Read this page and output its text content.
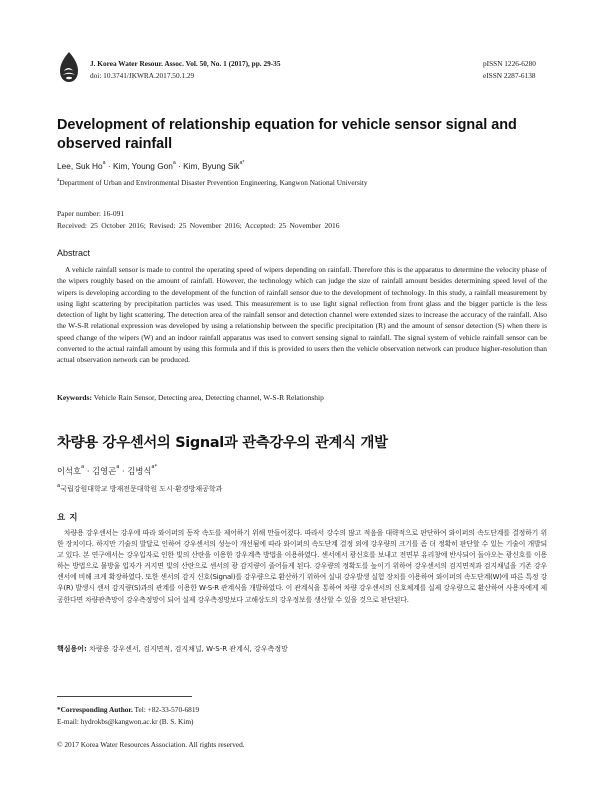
J. Korea Water Resour. Assoc. Vol. 50, No. 1 (2017), pp. 29-35
doi: 10.3741/JKWRA.2017.50.1.29
pISSN 1226-6280
eISSN 2287-6138
Development of relationship equation for vehicle sensor signal and observed rainfall
Lee, Suk $Ho^a$ · Kim, Young Gon$^a$ · Kim, Byung Sik$^{a*}$
$^a$Department of Urban and Environmental Disaster Prevention Engineering, Kangwon National University
Paper number: 16-091
Received: 25 October 2016; Revised: 25 November 2016; Accepted: 25 November 2016
Abstract
A vehicle rainfall sensor is made to control the operating speed of wipers depending on rainfall. Therefore this is the apparatus to determine the velocity phase of the wipers roughly based on the amount of rainfall. However, the technology which can judge the size of rainfall amount besides determining speed level of the wipers is developing according to the development of the function of rainfall sensor due to the development of technology. In this study, a rainfall measurement by using light scattering by precipitation particles was used. This measurement is to use light signal reflection from front glass and the bigger particle is the less detection of light by light scattering. The detection area of the rainfall sensor and detection channel were extended sizes to increase the accuracy of the rainfall. Also the W-S-R relational expression was developed by using a relationship between the specific precipitation (R) and the amount of sensor detection (S) when there is speed change of the wipers (W) and an indoor rainfall apparatus was used to convert sensing signal to rainfall. The signal system of vehicle rainfall sensor can be converted to the actual rainfall amount by using this formula and if this is provided to users then the vehicle observation network can produce higher-resolution than actual observation network can be produced.
Keywords: Vehicle Rain Sensor, Detecting area, Detecting channel, W-S-R Relationship
차량용 강우센서의 Signal과 관측강우의 관계식 개발
이석호$^a$ · 김영곤$^a$ · 김병식$^{a*}$
$^a$국립강원대학교 방재전문대학원 도시·환경방재공학과
요지
차량용 강우센서는 강우에 따라 와이퍼의 동작 속도를 제어하기 위해 만들어졌다. 따라서 강수의 많고 적음을 대략적으로 판단하여 와이퍼의 속도단계를 결정하기 위한 장치이다. 하지만 기술의 발달로 인하여 강우센서의 성능이 개선됨에 따라 와이퍼의 속도단계 결정 외에 강우량의 크기를 좀 더 정확히 판단할 수 있는 기술이 개발되고 있다. 본 연구에서는 강우입자로 인한 빛의 산란을 이용한 강우계측 방법을 이용하였다. 센서에서 광신호를 보내고 전면부 유리창에 반사되어 돌아오는 광신호를 이용하는 방법으로 물방울 입자가 커지면 빛의 산란으로 센서의 광 감지량이 줄어들게 된다. 강우량의 정확도를 높이기 위하여 강우센서의 검지면적과 검지채널을 기존 강우센서에 비해 크게 확장하였다. 또한 센서의 감지 신호(Signal)를 강우량으로 환산하기 위하여 실내 강우발생 실험 장치를 이용하여 와이퍼의 속도단계(W)에 따른 특정 강우(R) 발생시 센서 감지량(S)과의 관계를 이용한 W-S-R 관계식을 개발하였다. 이 관계식을 통하여 차량 강우센서의 신호체계를 실제 강우량으로 환산하여 사용자에게 제공한다면 차량관측망이 강우측정망이 되어 실제 강우측정망보다 고해상도의 강우정보를 생산할 수 있을 것으로 판단된다.
핵심용어: 차량용 강우센서, 검지면적, 검지채널, W-S-R 관계식, 강우측정망
*Corresponding Author. Tel: +82-33-570-6819
E-mail: hydrokbs@kangwon.ac.kr (B. S. Kim)
© 2017 Korea Water Resources Association. All rights reserved.
